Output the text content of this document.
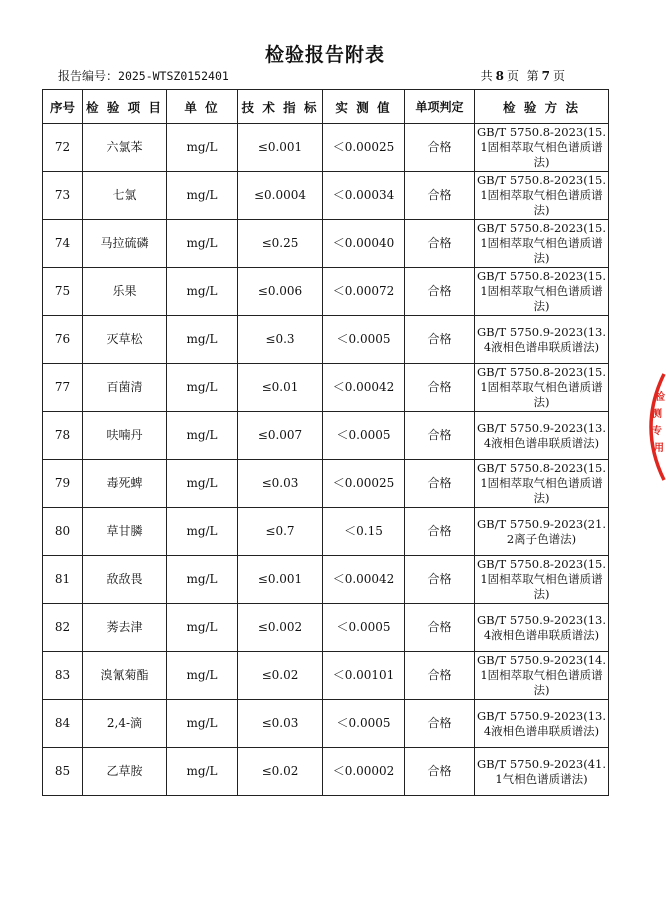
检验报告附表
报告编号：2025-WTSZ0152401	共 8 页 第 7 页
序号	检 验 项 目	单 位	技 术 指 标	实 测 值	单项判定	检 验 方 法
72	六氯苯	mg/L	≤0.001	＜0.00025	合格	GB/T 5750.8-2023(15.1固相萃取气相色谱质谱法)
73	七氯	mg/L	≤0.0004	＜0.00034	合格	GB/T 5750.8-2023(15.1固相萃取气相色谱质谱法)
74	马拉硫磷	mg/L	≤0.25	＜0.00040	合格	GB/T 5750.8-2023(15.1固相萃取气相色谱质谱法)
75	乐果	mg/L	≤0.006	＜0.00072	合格	GB/T 5750.8-2023(15.1固相萃取气相色谱质谱法)
76	灭草松	mg/L	≤0.3	＜0.0005	合格	GB/T 5750.9-2023(13.4液相色谱串联质谱法)
77	百菌清	mg/L	≤0.01	＜0.00042	合格	GB/T 5750.8-2023(15.1固相萃取气相色谱质谱法)
78	呋喃丹	mg/L	≤0.007	＜0.0005	合格	GB/T 5750.9-2023(13.4液相色谱串联质谱法)
79	毒死蜱	mg/L	≤0.03	＜0.00025	合格	GB/T 5750.8-2023(15.1固相萃取气相色谱质谱法)
80	草甘膦	mg/L	≤0.7	＜0.15	合格	GB/T 5750.9-2023(21.2离子色谱法)
81	敌敌畏	mg/L	≤0.001	＜0.00042	合格	GB/T 5750.8-2023(15.1固相萃取气相色谱质谱法)
82	莠去津	mg/L	≤0.002	＜0.0005	合格	GB/T 5750.9-2023(13.4液相色谱串联质谱法)
83	溴氰菊酯	mg/L	≤0.02	＜0.00101	合格	GB/T 5750.9-2023(14.1固相萃取气相色谱质谱法)
84	2,4-滴	mg/L	≤0.03	＜0.0005	合格	GB/T 5750.9-2023(13.4液相色谱串联质谱法)
85	乙草胺	mg/L	≤0.02	＜0.00002	合格	GB/T 5750.9-2023(41.1气相色谱质谱法)
检
测
专
用
